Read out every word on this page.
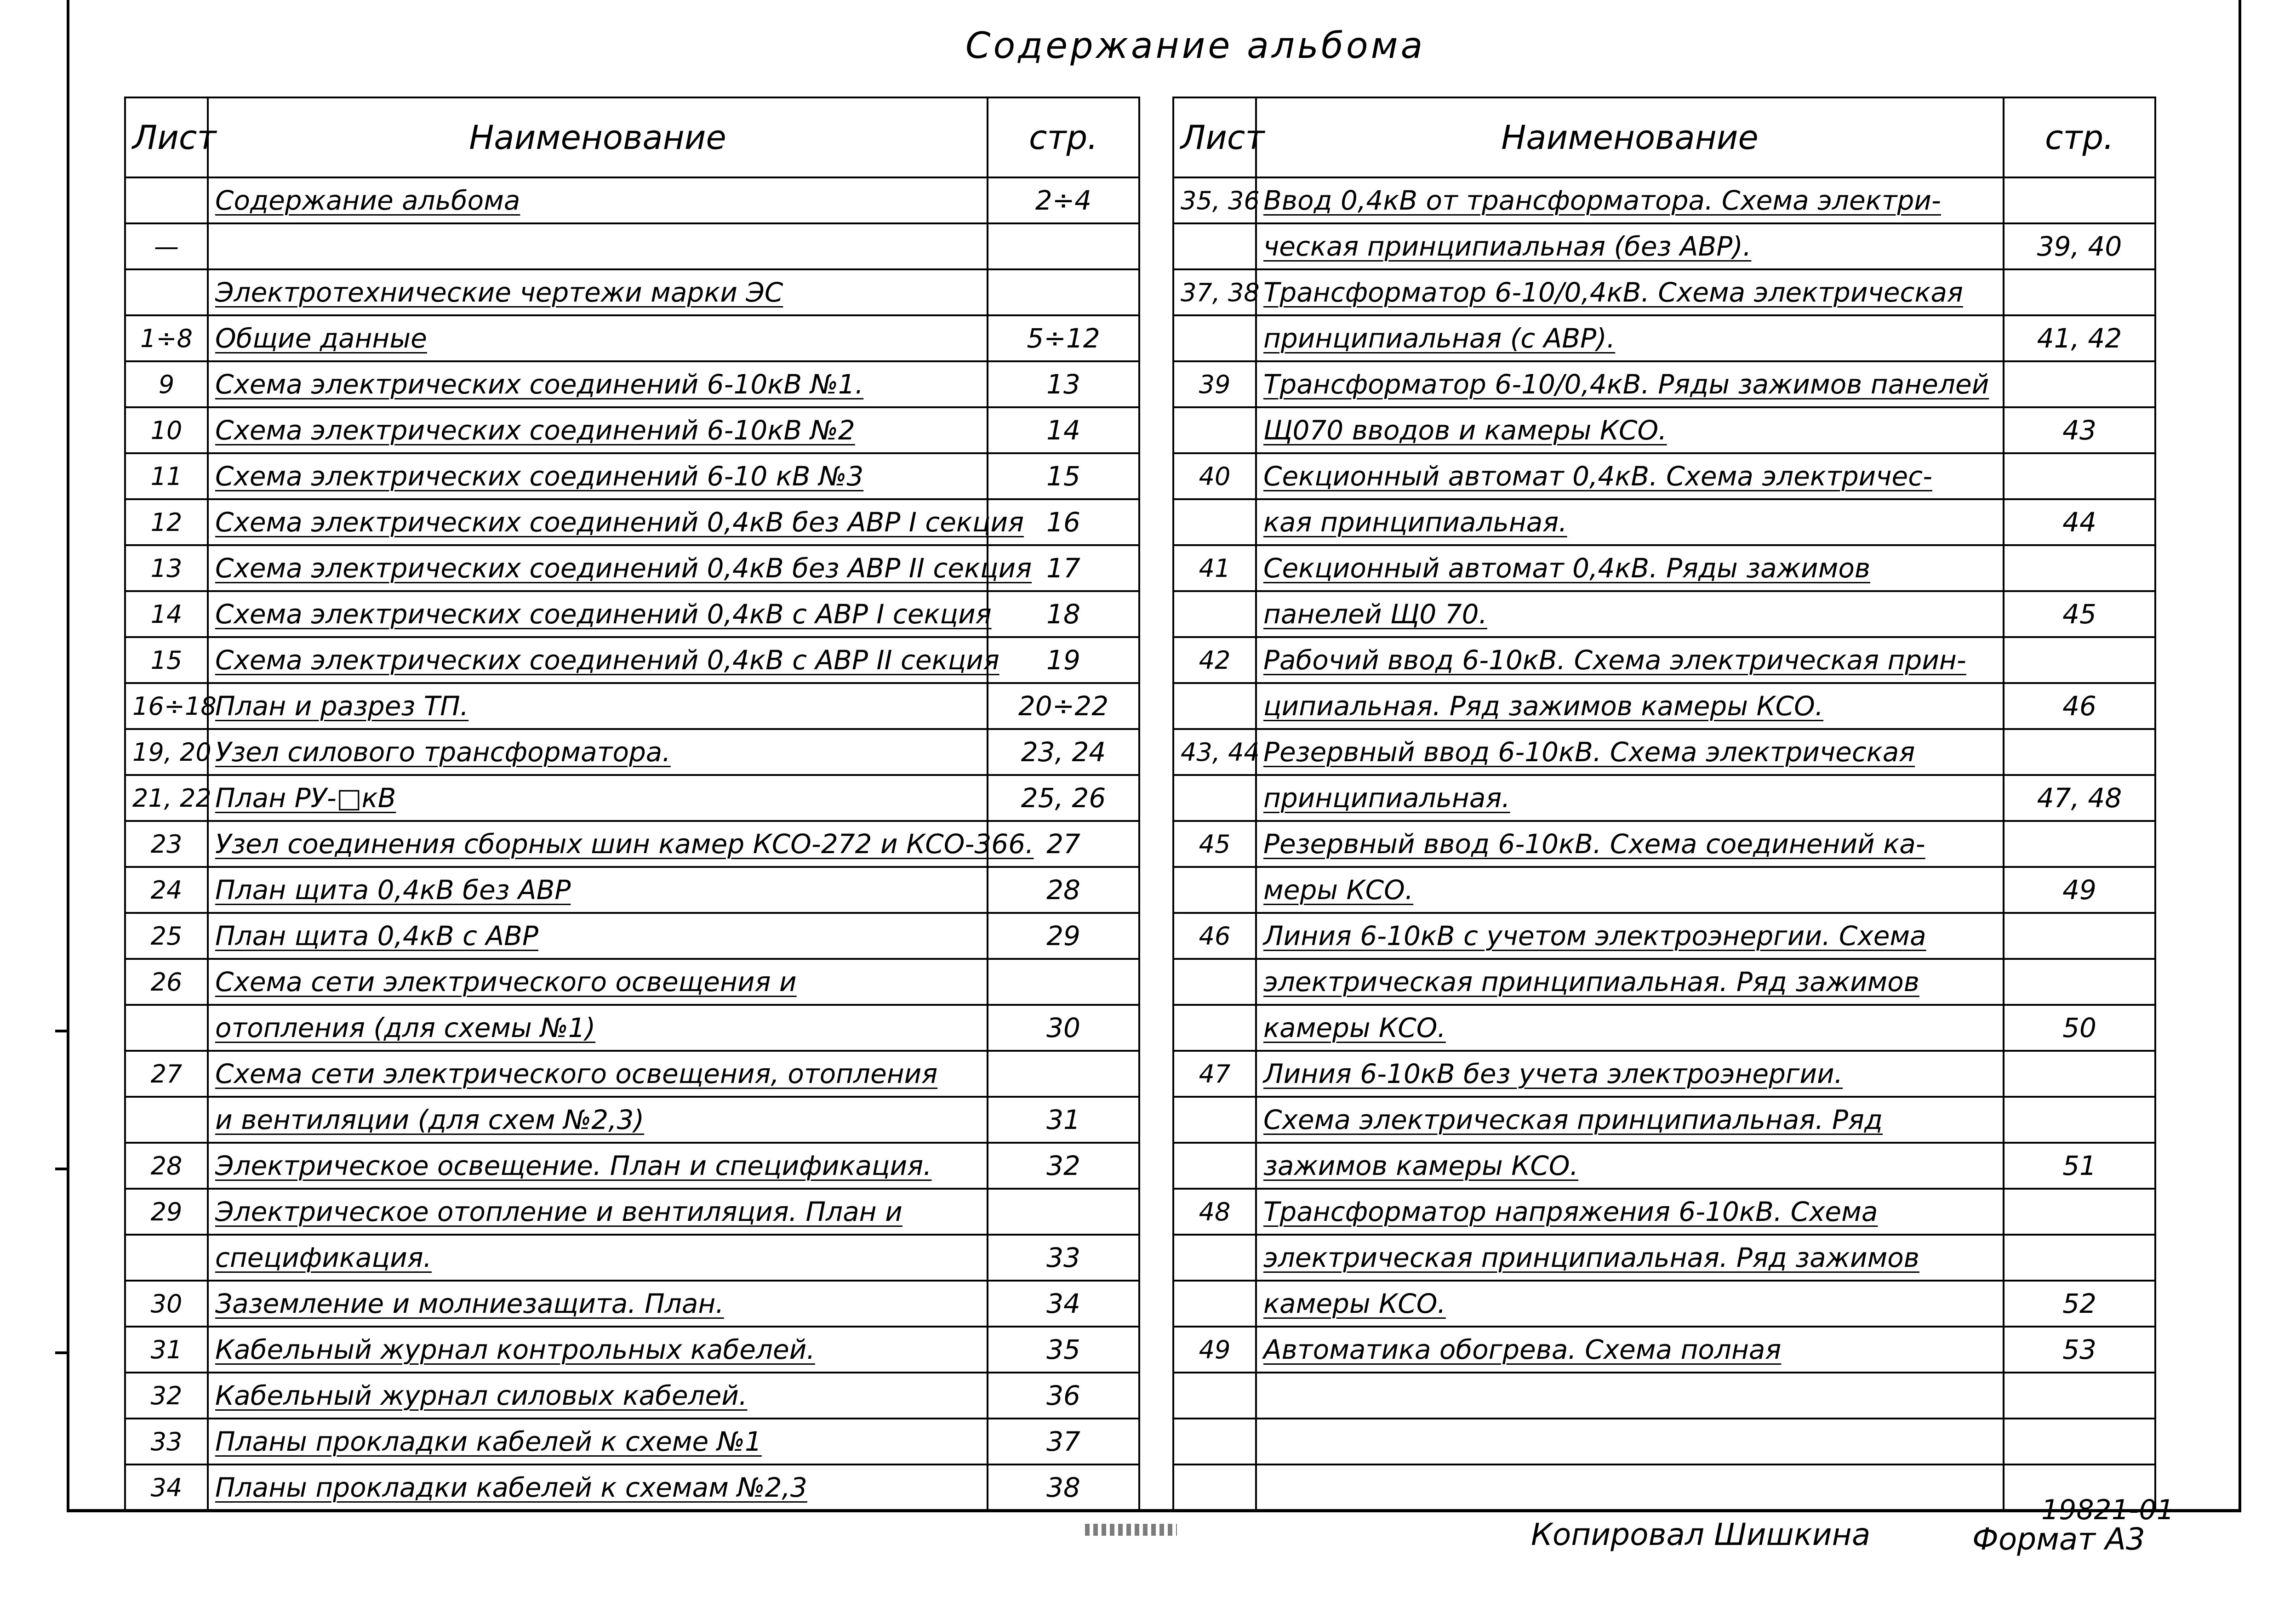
Содержание альбома
Лист	Наименование	стр.
	Содержание альбома	2÷4
—		
	Электротехнические чертежи марки ЭС	
1÷8	Общие данные	5÷12
9	Схема электрических соединений 6-10кВ №1.	13
10	Схема электрических соединений 6-10кВ №2	14
11	Схема электрических соединений 6-10 кВ №3	15
12	Схема электрических соединений 0,4кВ без АВР I секция	16
13	Схема электрических соединений 0,4кВ без АВР II секция	17
14	Схема электрических соединений 0,4кВ с АВР I секция	18
15	Схема электрических соединений 0,4кВ с АВР II секция	19
16÷18	План и разрез ТП.	20÷22
19, 20	Узел силового трансформатора.	23, 24
21, 22	План РУ-□кВ	25, 26
23	Узел соединения сборных шин камер КСО-272 и КСО-366.	27
24	План щита 0,4кВ без АВР	28
25	План щита 0,4кВ с АВР	29
26	Схема сети электрического освещения и	
	отопления (для схемы №1)	30
27	Схема сети электрического освещения, отопления	
	и вентиляции (для схем №2,3)	31
28	Электрическое освещение. План и спецификация.	32
29	Электрическое отопление и вентиляция. План и	
	спецификация.	33
30	Заземление и молниезащита. План.	34
31	Кабельный журнал контрольных кабелей.	35
32	Кабельный журнал силовых кабелей.	36
33	Планы прокладки кабелей к схеме №1	37
34	Планы прокладки кабелей к схемам №2,3	38
Лист	Наименование	стр.
35, 36	Ввод 0,4кВ от трансформатора. Схема электри-	
	ческая принципиальная (без АВР).	39, 40
37, 38	Трансформатор 6-10/0,4кВ. Схема электрическая	
	принципиальная (с АВР).	41, 42
39	Трансформатор 6-10/0,4кВ. Ряды зажимов панелей	
	Щ070 вводов и камеры КСО.	43
40	Секционный автомат 0,4кВ. Схема электричес-	
	кая принципиальная.	44
41	Секционный автомат 0,4кВ. Ряды зажимов	
	панелей Щ0 70.	45
42	Рабочий ввод 6-10кВ. Схема электрическая прин-	
	ципиальная. Ряд зажимов камеры КСО.	46
43, 44	Резервный ввод 6-10кВ. Схема электрическая	
	принципиальная.	47, 48
45	Резервный ввод 6-10кВ. Схема соединений ка-	
	меры КСО.	49
46	Линия 6-10кВ с учетом электроэнергии. Схема	
	электрическая принципиальная. Ряд зажимов	
	камеры КСО.	50
47	Линия 6-10кВ без учета электроэнергии.	
	Схема электрическая принципиальная. Ряд	
	зажимов камеры КСО.	51
48	Трансформатор напряжения 6-10кВ. Схема	
	электрическая принципиальная. Ряд зажимов	
	камеры КСО.	52
49	Автоматика обогрева. Схема полная	53

Копировал Шишкина
19821-01
Формат А3
